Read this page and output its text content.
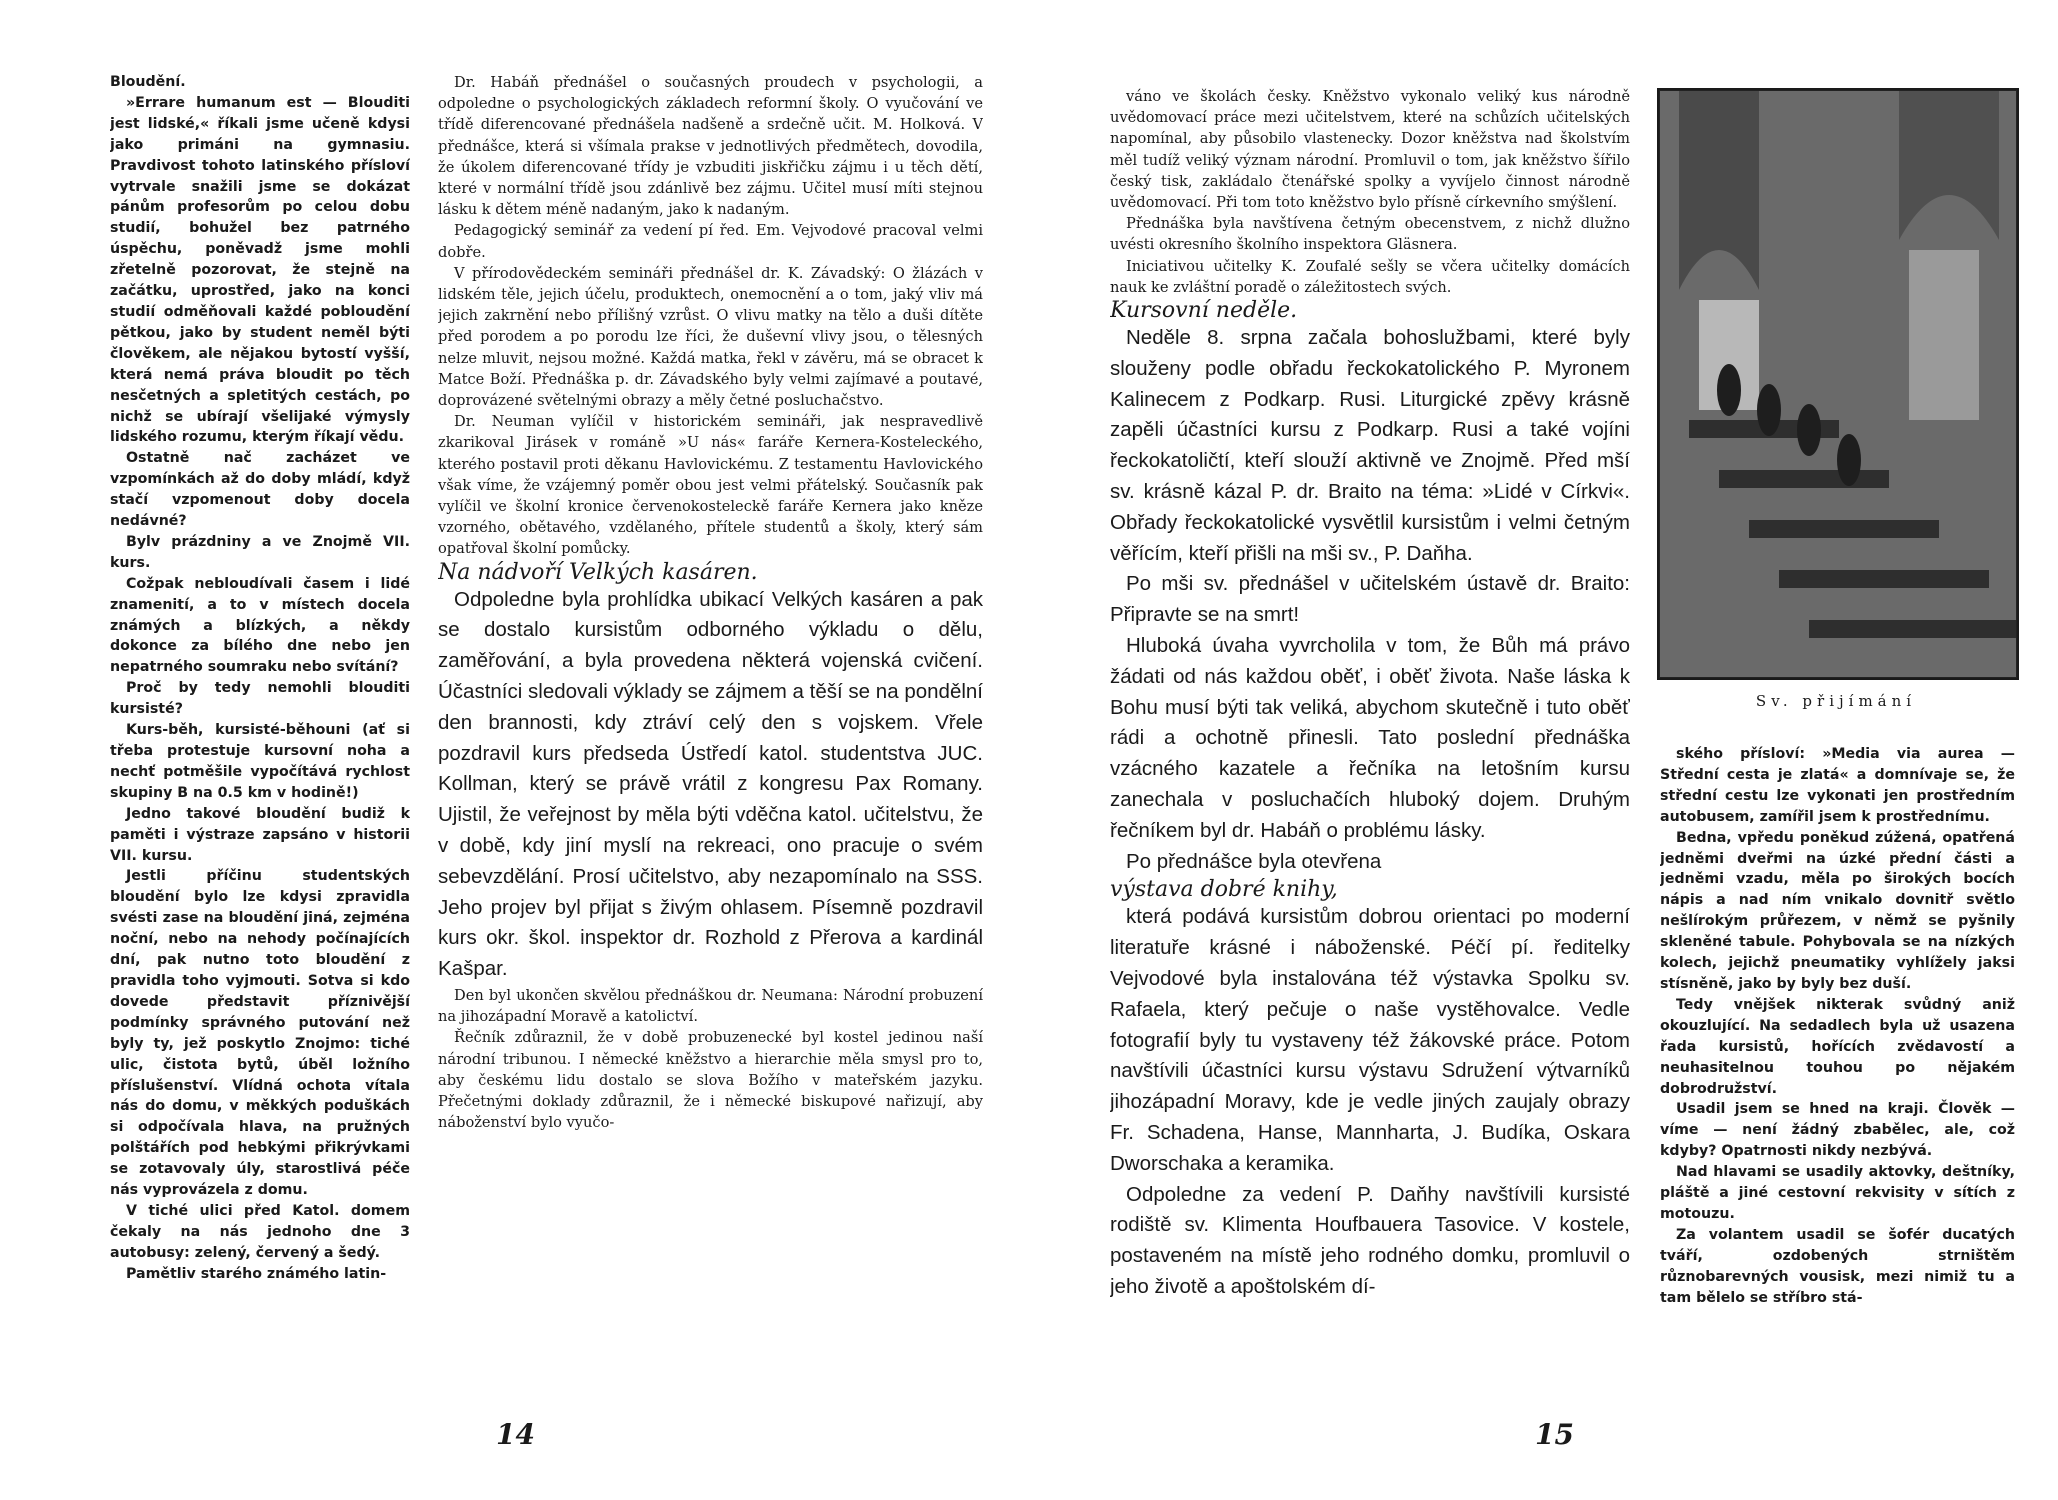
Bloudění.

»Errare humanum est — Blouditi jest lidské,« říkali jsme učeně kdysi jako primáni na gymnasiu. Pravdivost tohoto latinského přísloví vytrvale snažili jsme se dokázat pánům profesorům po celou dobu studií, bohužel bez patrného úspěchu, poněvadž jsme mohli zřetelně pozorovat, že stejně na začátku, uprostřed, jako na konci studií odměňovali každé pobloudění pětkou, jako by student neměl býti člověkem, ale nějakou bytostí vyšší, která nemá práva bloudit po těch nesčetných a spletitých cestách, po nichž se ubírají všelijaké výmysly lidského rozumu, kterým říkají vědu.

Ostatně nač zacházet ve vzpomínkách až do doby mládí, když stačí vzpomenout doby docela nedávné?

Bylv prázdniny a ve Znojmě VII. kurs.

Cožpak nebloudívali časem i lidé znamenití, a to v místech docela známých a blízkých, a někdy dokonce za bílého dne nebo jen nepatrného soumraku nebo svítání?

Proč by tedy nemohli blouditi kursisté?

Kurs-běh, kursisté-běhouni (ať si třeba protestuje kursovní noha a nechť potměšile vypočítává rychlost skupiny B na 0.5 km v hodině!)

Jedno takové bloudění budiž k paměti i výstraze zapsáno v historii VII. kursu.

Jestli příčinu studentských bloudění bylo lze kdysi zpravidla svésti zase na bloudění jiná, zejména noční, nebo na nehody počínajících dní, pak nutno toto bloudění z pravidla toho vyjmouti. Sotva si kdo dovede představit příznivější podmínky správného putování než byly ty, jež poskytlo Znojmo: tiché ulic, čistota bytů, úběl ložního příslušenství. Vlídná ochota vítala nás do domu, v měkkých poduškách si odpočívala hlava, na pružných polštářích pod hebkými přikrývkami se zotavovaly úly, starostlivá péče nás vyprovázela z domu.

V tiché ulici před Katol. domem čekaly na nás jednoho dne 3 autobusy: zelený, červený a šedý.

Pamětliv starého známého latin-

Dr. Habáň přednášel o současných proudech v psychologii, a odpoledne o psychologických základech reformní školy. O vyučování ve třídě diferencované přednášela nadšeně a srdečně učit. M. Holková. V přednášce, která si všímala prakse v jednotlivých předmětech, dovodila, že úkolem diferencované třídy je vzbuditi jiskřičku zájmu i u těch dětí, které v normální třídě jsou zdánlivě bez zájmu. Učitel musí míti stejnou lásku k dětem méně nadaným, jako k nadaným.

Pedagogický seminář za vedení pí řed. Em. Vejvodové pracoval velmi dobře.

V přírodovědeckém semináři přednášel dr. K. Závadský: O žlázách v lidském těle, jejich účelu, produktech, onemocnění a o tom, jaký vliv má jejich zakrnění nebo přílišný vzrůst. O vlivu matky na tělo a duši dítěte před porodem a po porodu lze říci, že duševní vlivy jsou, o tělesných nelze mluvit, nejsou možné. Každá matka, řekl v závěru, má se obracet k Matce Boží. Přednáška p. dr. Závadského byly velmi zajímavé a poutavé, doprovázené světelnými obrazy a měly četné posluchačstvo.

Dr. Neuman vylíčil v historickém semináři, jak nespravedlivě zkarikoval Jirásek v románě »U nás« faráře Kernera-Kosteleckého, kterého postavil proti děkanu Havlovickému. Z testamentu Havlovického však víme, že vzájemný poměr obou jest velmi přátelský. Současník pak vylíčil ve školní kronice červenokosteleckě faráře Kernera jako kněze vzorného, obětavého, vzdělaného, přítele studentů a školy, který sám opatřoval školní pomůcky.

Na nádvoří Velkých kasáren.

Odpoledne byla prohlídka ubikací Velkých kasáren a pak se dostalo kursistům odborného výkladu o dělu, zaměřování, a byla provedena některá vojenská cvičení. Účastníci sledovali výklady se zájmem a těší se na pondělní den brannosti, kdy ztráví celý den s vojskem. Vřele pozdravil kurs předseda Ústředí katol. studentstva JUC. Kollman, který se právě vrátil z kongresu Pax Romany. Ujistil, že veřejnost by měla býti vděčna katol. učitelstvu, že v době, kdy jiní myslí na rekreaci, ono pracuje o svém sebevzdělání. Prosí učitelstvo, aby nezapomínalo na SSS. Jeho projev byl přijat s živým ohlasem. Písemně pozdravil kurs okr. škol. inspektor dr. Rozhold z Přerova a kardinál Kašpar.

Den byl ukončen skvělou přednáškou dr. Neumana: Národní probuzení na jihozápadní Moravě a katolictví.

Řečník zdůraznil, že v době probuzenecké byl kostel jedinou naší národní tribunou. I německé kněžstvo a hierarchie měla smysl pro to, aby českému lidu dostalo se slova Božího v mateřském jazyku. Přečetnými doklady zdůraznil, že i německé biskupové nařizují, aby náboženství bylo vyučo-

14

váno ve školách česky. Kněžstvo vykonalo veliký kus národně uvědomovací práce mezi učitelstvem, které na schůzích učitelských napomínal, aby působilo vlastenecky. Dozor kněžstva nad školstvím měl tudíž veliký význam národní. Promluvil o tom, jak kněžstvo šířilo český tisk, zakládalo čtenářské spolky a vyvíjelo činnost národně uvědomovací. Při tom toto kněžstvo bylo přísně církevního smýšlení.

Přednáška byla navštívena četným obecenstvem, z nichž dlužno uvésti okresního školního inspektora Gläsnera.

Iniciativou učitelky K. Zoufalé sešly se včera učitelky domácích nauk ke zvláštní poradě o záležitostech svých.

Kursovní neděle.

Neděle 8. srpna začala bohoslužbami, které byly slouženy podle obřadu řeckokatolického P. Myronem Kalinecem z Podkarp. Rusi. Liturgické zpěvy krásně zapěli účastníci kursu z Podkarp. Rusi a také vojíni řeckokatoličtí, kteří slouží aktivně ve Znojmě. Před mší sv. krásně kázal P. dr. Braito na téma: »Lidé v Církvi«. Obřady řeckokatolické vysvětlil kursistům i velmi četným věřícím, kteří přišli na mši sv., P. Daňha.

Po mši sv. přednášel v učitelském ústavě dr. Braito: Připravte se na smrt!

Hluboká úvaha vyvrcholila v tom, že Bůh má právo žádati od nás každou oběť, i oběť života. Naše láska k Bohu musí býti tak veliká, abychom skutečně i tuto oběť rádi a ochotně přinesli. Tato poslední přednáška vzácného kazatele a řečníka na letošním kursu zanechala v posluchačích hluboký dojem. Druhým řečníkem byl dr. Habáň o problému lásky.

Po přednášce byla otevřena

výstava dobré knihy,

která podává kursistům dobrou orientaci po moderní literatuře krásné i náboženské. Péčí pí. ředitelky Vejvodové byla instalována též výstavka Spolku sv. Rafaela, který pečuje o naše vystěhovalce. Vedle fotografií byly tu vystaveny též žákovské práce. Potom navštívili účastníci kursu výstavu Sdružení výtvarníků jihozápadní Moravy, kde je vedle jiných zaujaly obrazy Fr. Schadena, Hanse, Mannharta, J. Budíka, Oskara Dworschaka a keramika.

Odpoledne za vedení P. Daňhy navštívili kursisté rodiště sv. Klimenta Houfbauera Tasovice. V kostele, postaveném na místě jeho rodného domku, promluvil o jeho životě a apoštolském dí-

Sv. přijímání

ského přísloví: »Media via aurea — Střední cesta je zlatá« a domnívaje se, že střední cestu lze vykonati jen prostředním autobusem, zamířil jsem k prostřednímu.

Bedna, vpředu poněkud zúžená, opatřená jedněmi dveřmi na úzké přední části a jedněmi vzadu, měla po širokých bocích nápis a nad ním vnikalo dovnitř světlo nešlírokým průřezem, v němž se pyšnily skleněné tabule. Pohybovala se na nízkých kolech, jejichž pneumatiky vyhlížely jaksi stísněně, jako by byly bez duší.

Tedy vnějšek nikterak svůdný aniž okouzlující. Na sedadlech byla už usazena řada kursistů, hořících zvědavostí a neuhasitelnou touhou po nějakém dobrodružství.

Usadil jsem se hned na kraji. Člověk — víme — není žádný zbabělec, ale, což kdyby? Opatrnosti nikdy nezbývá.

Nad hlavami se usadily aktovky, deštníky, pláště a jiné cestovní rekvisity v sítích z motouzu.

Za volantem usadil se šofér ducatých tváří, ozdobených strništěm různobarevných vousisk, mezi nimiž tu a tam bělelo se stříbro stá-

15
